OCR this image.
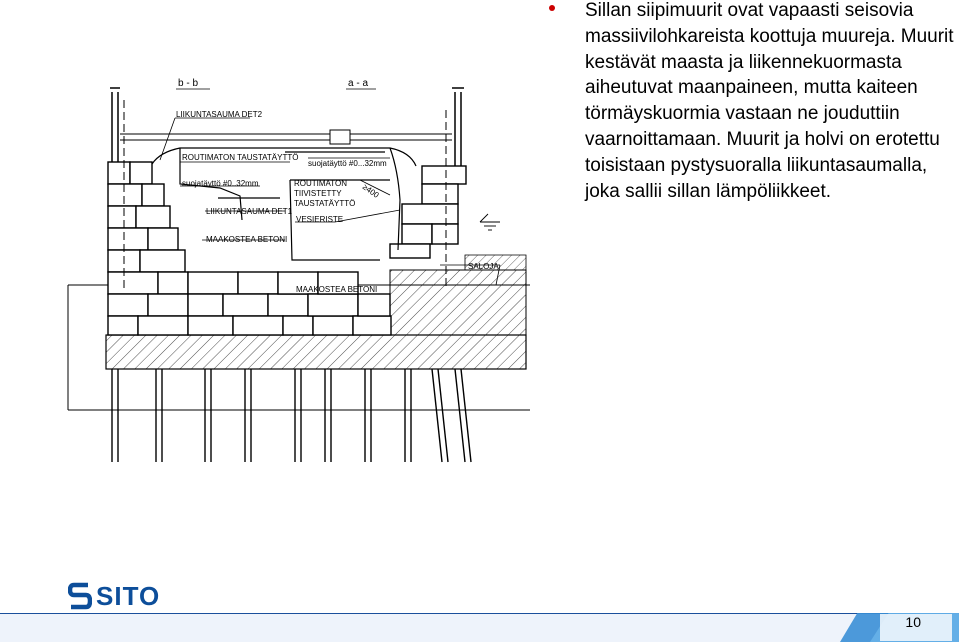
b - b	a - a
LIIKUNTASAUMA DET2
ROUTIMATON TAUSTATÄYTTÖ
suojatäyttö #0...32mm
suojatäyttö #0..32mm	ROUTIMATON
TIIVISTETTY
TAUSTATÄYTTÖ
≥400
LIIKUNTASAUMA DET1
VESIERISTE
MAAKOSTEA BETONI
SALOJA
MAAKOSTEA BETONI

Sillan siipimuurit ovat vapaasti seisovia massiivilohkareista koottuja muureja. Muurit kestävät maasta ja liikennekuormasta aiheutuvat maanpaineen, mutta kaiteen törmäyskuormia vastaan ne jouduttiin vaarnoittamaan. Muurit ja holvi on erotettu toisistaan pystysuoralla liikuntasaumalla, joka sallii sillan lämpöliikkeet.

SITO
10
